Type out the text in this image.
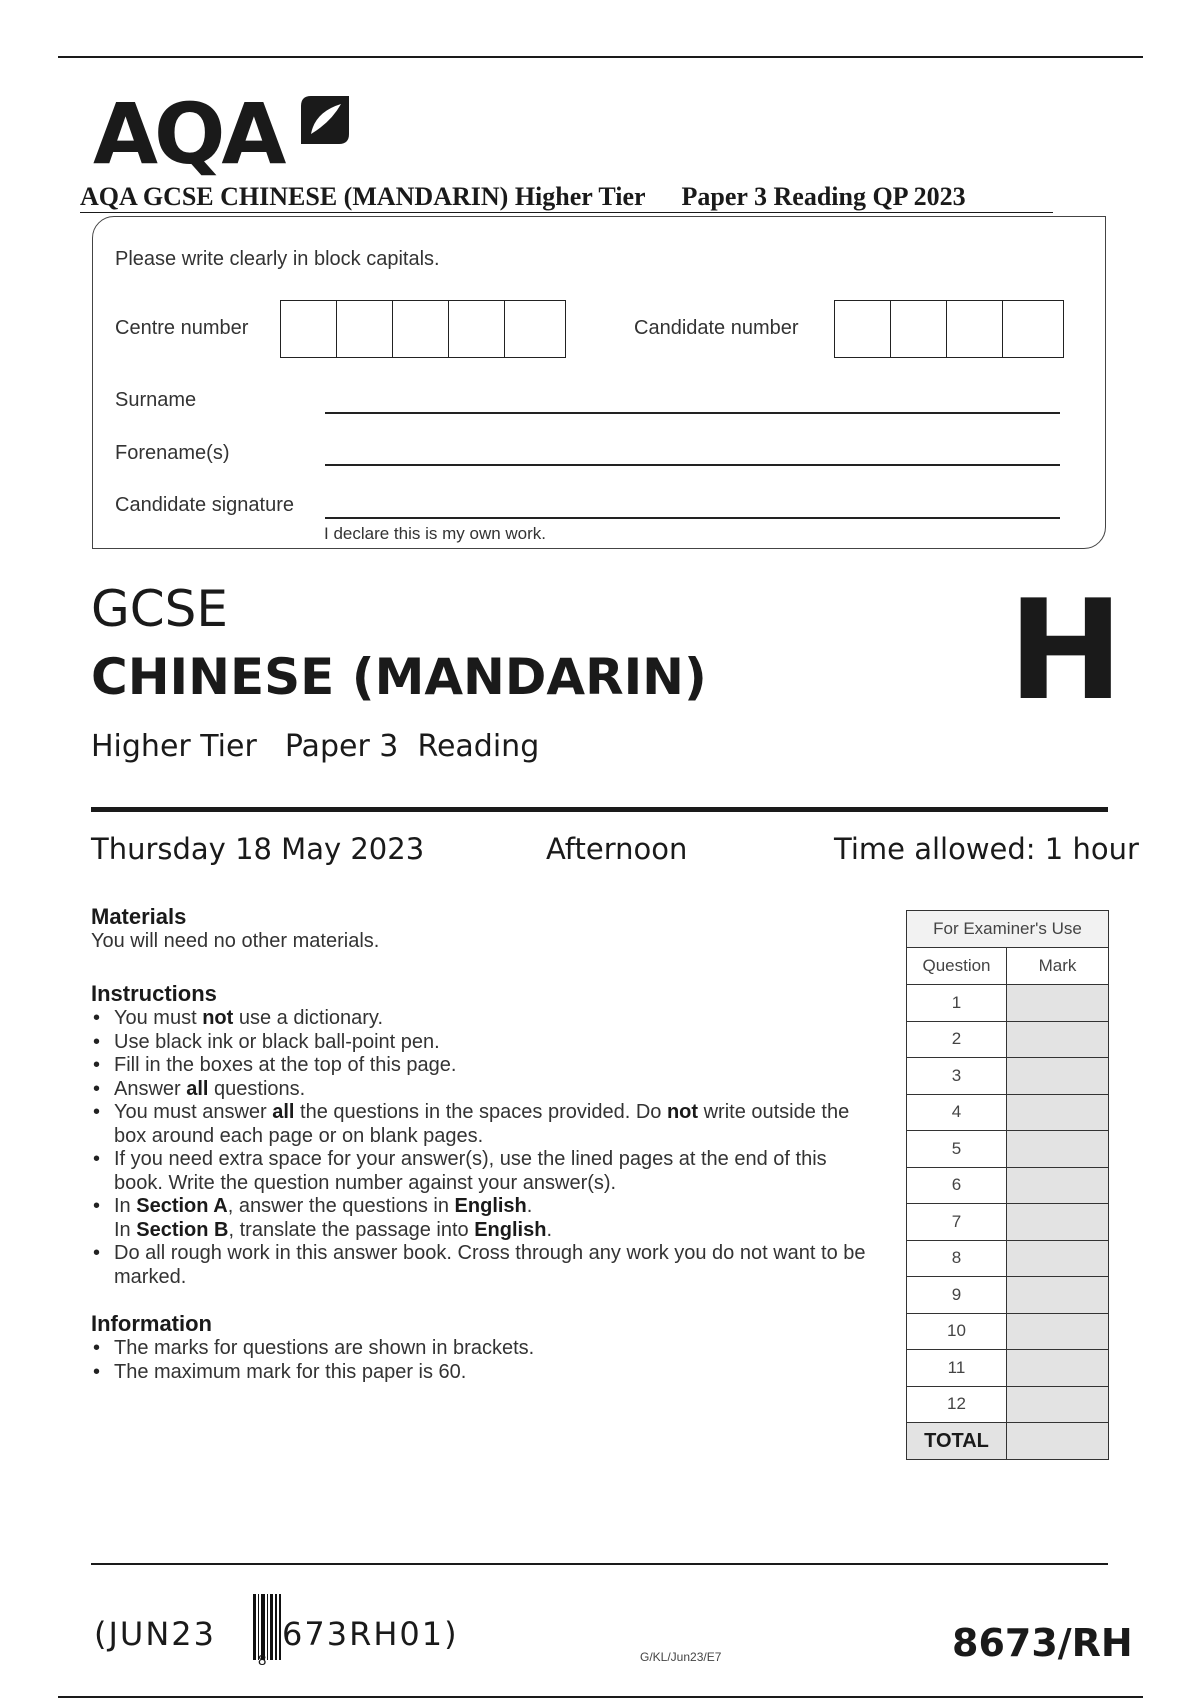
AQA
AQA GCSE CHINESE (MANDARIN) Higher Tier Paper 3 Reading QP 2023
Please write clearly in block capitals.
Centre number	Candidate number
Surname
Forename(s)
Candidate signature
I declare this is my own work.
GCSE
CHINESE (MANDARIN) H
Higher Tier Paper 3  Reading
Thursday 18 May 2023	Afternoon	Time allowed: 1 hour
Materials
You will need no other materials.
Instructions
• You must not use a dictionary.
• Use black ink or black ball-point pen.
• Fill in the boxes at the top of this page.
• Answer all questions.
• You must answer all the questions in the spaces provided. Do not write outside the box around each page or on blank pages.
• If you need extra space for your answer(s), use the lined pages at the end of this book. Write the question number against your answer(s).
• In Section A, answer the questions in English.
In Section B, translate the passage into English.
• Do all rough work in this answer book. Cross through any work you do not want to be marked.
Information
• The marks for questions are shown in brackets.
• The maximum mark for this paper is 60.
For Examiner's Use	
Question	Mark
1	
2	
3	
4	
5	
6	
7	
8	
9	
10	
11	
12	
TOTAL	
(JUN23
8
673RH01)
G/KL/Jun23/E7	8673/RH
